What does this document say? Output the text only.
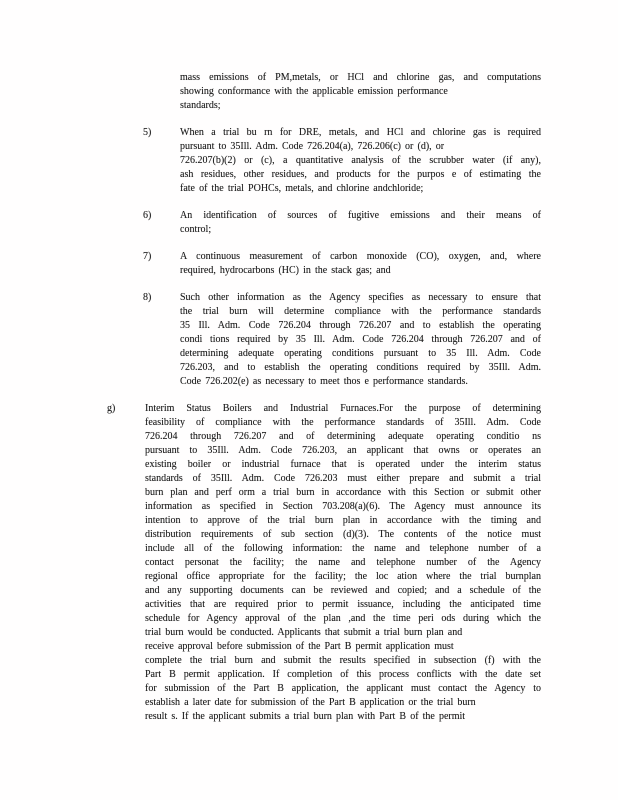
mass emissions of PM,metals, or HCl and chlorine gas, and computations
showing conformance with the applicable emission performance
standards;
5)	When a trial bu rn for DRE, metals, and HCl and chlorine gas is required
pursuant to 35Ill. Adm. Code 726.204(a), 726.206(c) or (d), or
726.207(b)(2) or (c), a quantitative analysis of the scrubber water (if any),
ash residues, other residues, and products for the purpos e of estimating the
fate of the trial POHCs, metals, and chlorine andchloride;
6)	An identification of sources of fugitive emissions and their means of
control;
7)	A continuous measurement of carbon monoxide (CO), oxygen, and, where
required, hydrocarbons (HC) in the stack gas; and
8)	Such other information as the Agency specifies as necessary to ensure that
the trial burn will determine compliance with the performance standards
35 Ill. Adm. Code 726.204 through 726.207 and to establish the operating
condi tions required by 35 Ill. Adm. Code 726.204 through 726.207 and of
determining adequate operating conditions pursuant to 35 Ill. Adm. Code
726.203, and to establish the operating conditions required by 35Ill. Adm.
Code 726.202(e) as necessary to meet thos e performance standards.
g)	Interim Status Boilers and Industrial Furnaces.For the purpose of determining
feasibility of compliance with the performance standards of 35Ill. Adm. Code
726.204 through 726.207 and of determining adequate operating conditio ns
pursuant to 35Ill. Adm. Code 726.203, an applicant that owns or operates an
existing boiler or industrial furnace that is operated under the interim status
standards of 35Ill. Adm. Code 726.203 must either prepare and submit a trial
burn plan and perf orm a trial burn in accordance with this Section or submit other
information as specified in Section 703.208(a)(6). The Agency must announce its
intention to approve of the trial burn plan in accordance with the timing and
distribution requirements of sub section (d)(3). The contents of the notice must
include all of the following information: the name and telephone number of a
contact personat the facility; the name and telephone number of the Agency
regional office appropriate for the facility; the loc ation where the trial burnplan
and any supporting documents can be reviewed and copied; and a schedule of the
activities that are required prior to permit issuance, including the anticipated time
schedule for Agency approval of the plan ,and the time peri ods during which the
trial burn would be conducted. Applicants that submit a trial burn plan and
receive approval before submission of the Part B permit application must
complete the trial burn and submit the results specified in subsection (f) with the
Part B permit application. If completion of this process conflicts with the date set
for submission of the Part B application, the applicant must contact the Agency to
establish a later date for submission of the Part B application or the trial burn
result s. If the applicant submits a trial burn plan with Part B of the permit
